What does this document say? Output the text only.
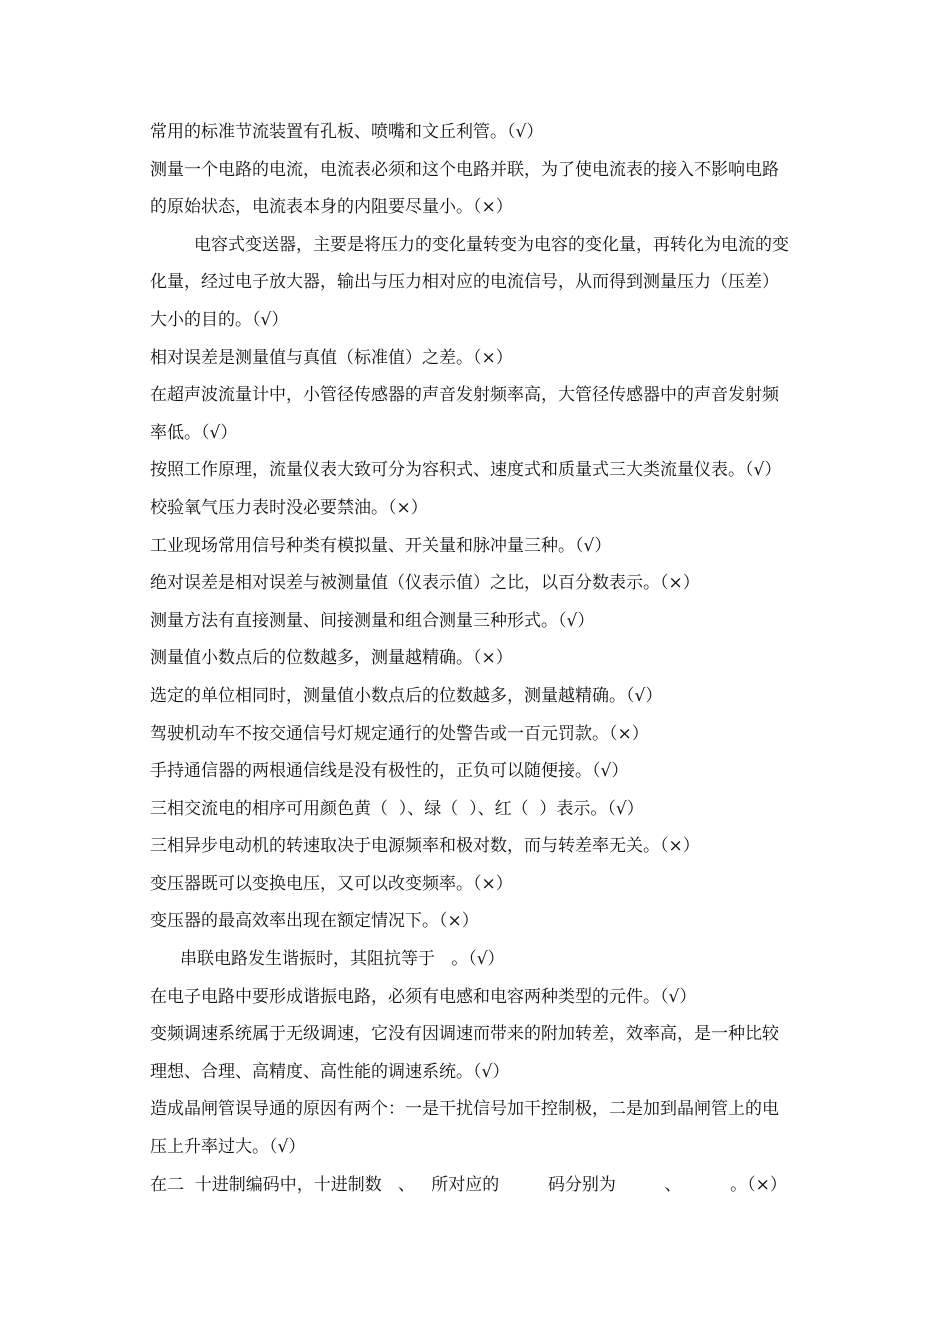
常用的标准节流装置有孔板、喷嘴和文丘利管。（√）
测量一个电路的电流，电流表必须和这个电路并联，为了使电流表的接入不影响电路
的原始状态，电流表本身的内阻要尽量小。（×）
电容式变送器，主要是将压力的变化量转变为电容的变化量，再转化为电流的变
化量，经过电子放大器，输出与压力相对应的电流信号，从而得到测量压力（压差）
大小的目的。（√）
相对误差是测量值与真值（标准值）之差。（×）
在超声波流量计中，小管径传感器的声音发射频率高，大管径传感器中的声音发射频
率低。（√）
按照工作原理，流量仪表大致可分为容积式、速度式和质量式三大类流量仪表。（√）
校验氧气压力表时没必要禁油。（×）
工业现场常用信号种类有模拟量、开关量和脉冲量三种。（√）
绝对误差是相对误差与被测量值（仪表示值）之比，以百分数表示。（×）
测量方法有直接测量、间接测量和组合测量三种形式。（√）
测量值小数点后的位数越多，测量越精确。（×）
选定的单位相同时，测量值小数点后的位数越多，测量越精确。（√）
驾驶机动车不按交通信号灯规定通行的处警告或一百元罚款。（×）
手持通信器的两根通信线是没有极性的，正负可以随便接。（√）
三相交流电的相序可用颜色黄（  ）、绿（  ）、红（  ）表示。（√）
三相异步电动机的转速取决于电源频率和极对数，而与转差率无关。（×）
变压器既可以变换电压，又可以改变频率。（×）
变压器的最高效率出现在额定情况下。（×）
串联电路发生谐振时，其阻抗等于   。（√）
在电子电路中要形成谐振电路，必须有电感和电容两种类型的元件。（√）
变频调速系统属于无级调速，它没有因调速而带来的附加转差，效率高，是一种比较
理想、合理、高精度、高性能的调速系统。（√）
造成晶闸管误导通的原因有两个：一是干扰信号加干控制极，二是加到晶闸管上的电
压上升率过大。（√）
在二  十进制编码中，十进制数   、   所对应的         码分别为         、         。（×）
